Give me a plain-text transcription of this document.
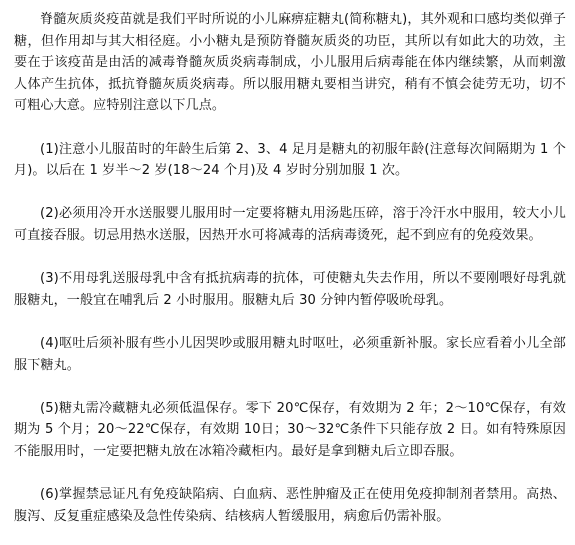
脊髓灰质炎疫苗就是我们平时所说的小儿麻痹症糖丸(简称糖丸)，其外观和口感均类似弹子糖，但作用却与其大相径庭。小小糖丸是预防脊髓灰质炎的功臣，其所以有如此大的功效，主要在于该疫苗是由活的减毒脊髓灰质炎病毒制成，小儿服用后病毒能在体内继续繁，从而刺激人体产生抗体，抵抗脊髓灰质炎病毒。所以服用糖丸要相当讲究，稍有不慎会徒劳无功，切不可粗心大意。应特别注意以下几点。

(1)注意小儿服苗时的年龄生后第 2、3、4 足月是糖丸的初服年龄(注意每次间隔期为 1 个月)。以后在 1 岁半～2 岁(18～24 个月)及 4 岁时分别加服 1 次。

(2)必须用冷开水送服婴儿服用时一定要将糖丸用汤匙压碎，溶于冷汗水中服用，较大小儿可直接吞服。切忌用热水送服，因热开水可将减毒的活病毒烫死，起不到应有的免疫效果。

(3)不用母乳送服母乳中含有抵抗病毒的抗体，可使糖丸失去作用，所以不要刚喂好母乳就服糖丸，一般宜在哺乳后 2 小时服用。服糖丸后 30 分钟内暂停吸吮母乳。

(4)呕吐后须补服有些小儿因哭吵或服用糖丸时呕吐，必须重新补服。家长应看着小儿全部服下糖丸。

(5)糖丸需冷藏糖丸必须低温保存。零下 20℃保存，有效期为 2 年；2～10℃保存，有效期为 5 个月；20～22℃保存，有效期 10日；30～32℃条件下只能存放 2 日。如有特殊原因不能服用时，一定要把糖丸放在冰箱冷藏柜内。最好是拿到糖丸后立即吞服。

(6)掌握禁忌证凡有免疫缺陷病、白血病、恶性肿瘤及正在使用免疫抑制剂者禁用。高热、腹泻、反复重症感染及急性传染病、结核病人暂缓服用，病愈后仍需补服。
